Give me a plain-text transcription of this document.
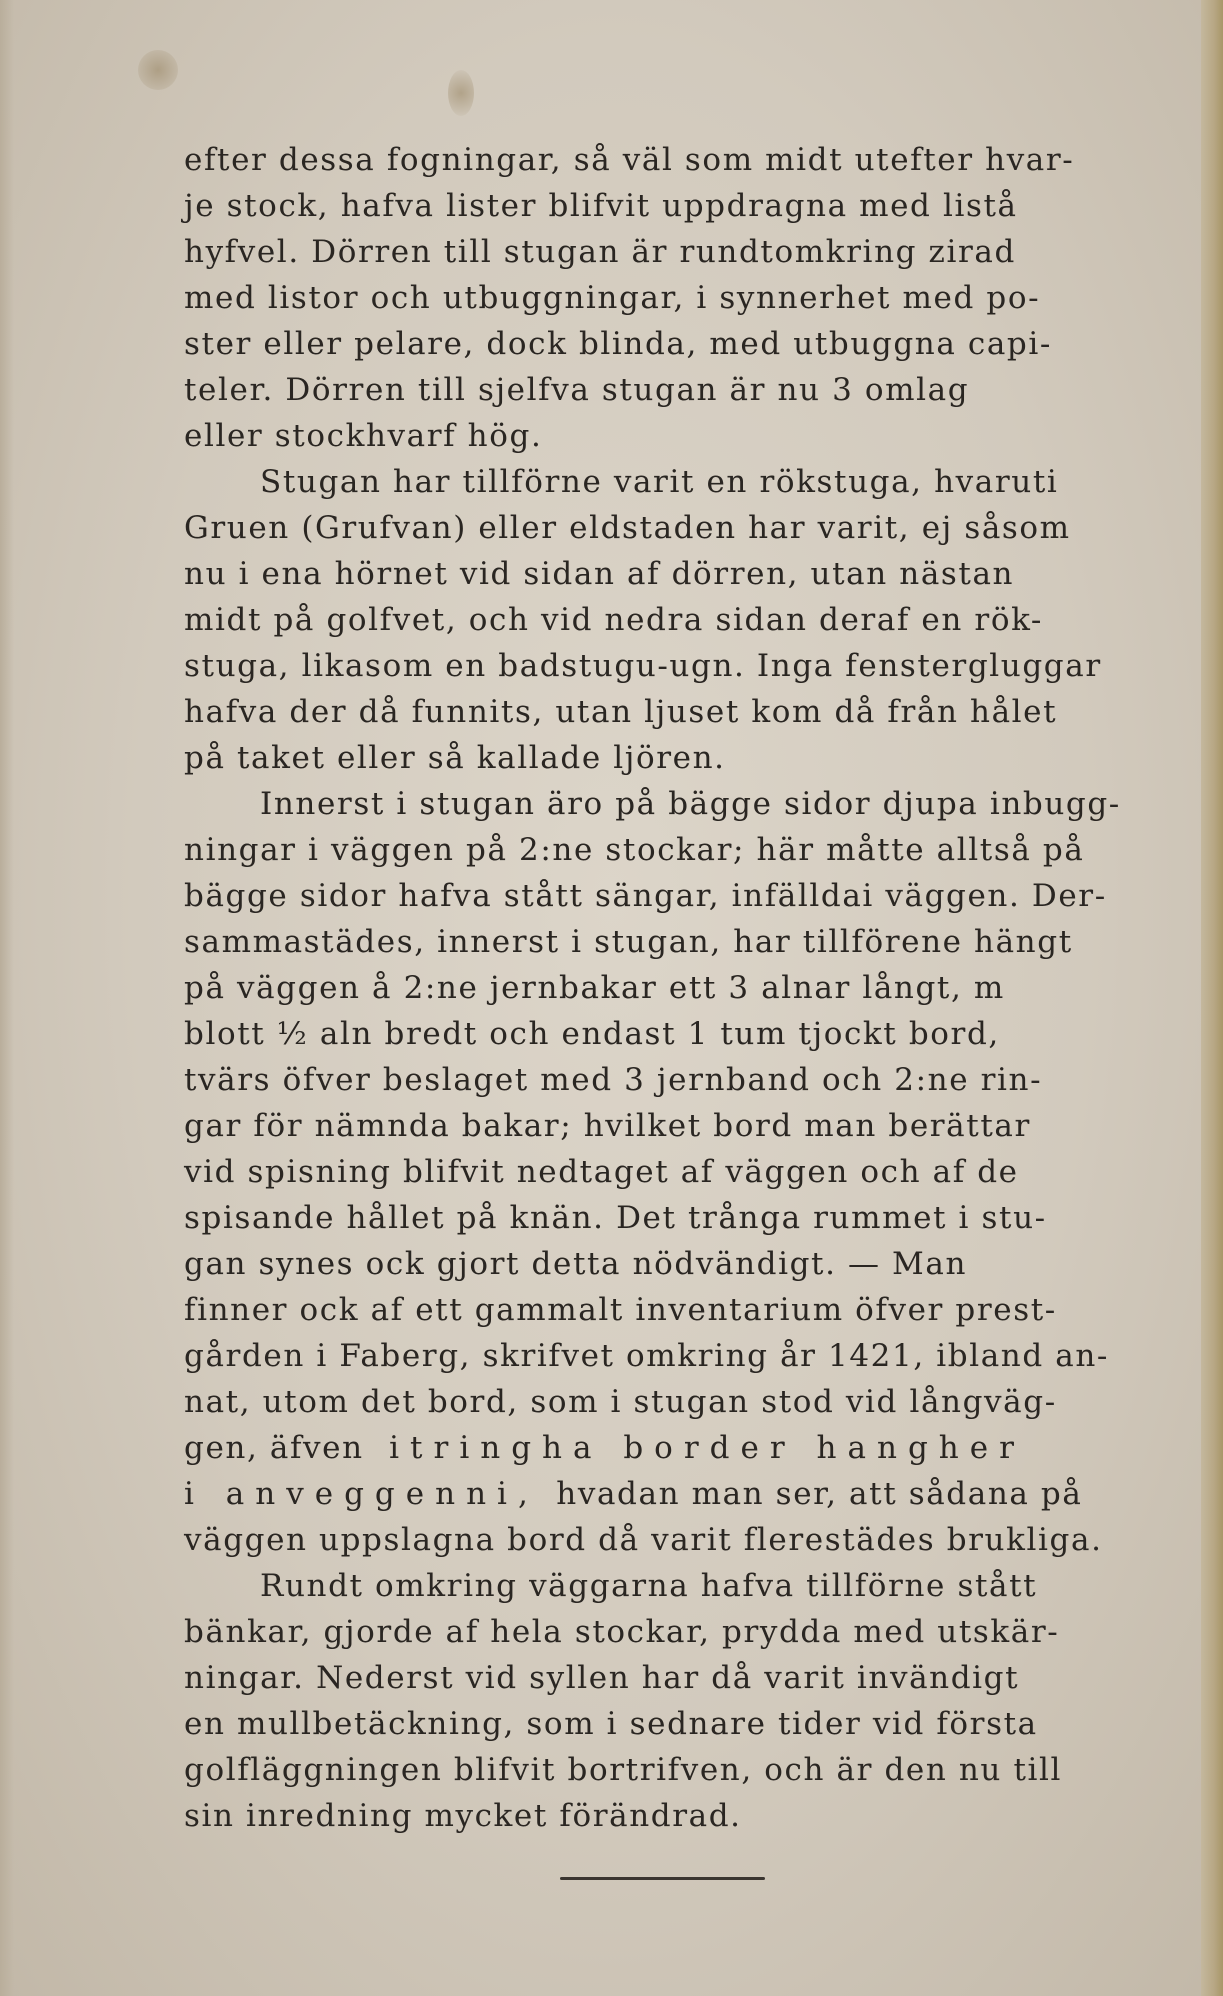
efter dessa fogningar, så väl som midt utefter hvar-
je stock, hafva lister blifvit uppdragna med listå
hyfvel. Dörren till stugan är rundtomkring zirad
med listor och utbuggningar, i synnerhet med po-
ster eller pelare, dock blinda, med utbuggna capi-
teler. Dörren till sjelfva stugan är nu 3 omlag
eller stockhvarf hög.
Stugan har tillförne varit en rökstuga, hvaruti
Gruen (Grufvan) eller eldstaden har varit, ej såsom
nu i ena hörnet vid sidan af dörren, utan nästan
midt på golfvet, och vid nedra sidan deraf en rök-
stuga, likasom en badstugu-ugn. Inga fenstergluggar
hafva der då funnits, utan ljuset kom då från hålet
på taket eller så kallade ljören.
Innerst i stugan äro på bägge sidor djupa inbugg-
ningar i väggen på 2:ne stockar; här måtte alltså på
bägge sidor hafva stått sängar, infälldai väggen. Der-
sammastädes, innerst i stugan, har tillförene hängt
på väggen å 2:ne jernbakar ett 3 alnar långt, m
blott ½ aln bredt och endast 1 tum tjockt bord,
tvärs öfver beslaget med 3 jernband och 2:ne rin-
gar för nämnda bakar; hvilket bord man berättar
vid spisning blifvit nedtaget af väggen och af de
spisande hållet på knän. Det trånga rummet i stu-
gan synes ock gjort detta nödvändigt. — Man
finner ock af ett gammalt inventarium öfver prest-
gården i Faberg, skrifvet omkring år 1421, ibland an-
nat, utom det bord, som i stugan stod vid långväg-
gen, äfven itringha border hangher
i anveggenni, hvadan man ser, att sådana på
väggen uppslagna bord då varit flerestädes brukliga.
Rundt omkring väggarna hafva tillförne stått
bänkar, gjorde af hela stockar, prydda med utskär-
ningar. Nederst vid syllen har då varit invändigt
en mullbetäckning, som i sednare tider vid första
golfläggningen blifvit bortrifven, och är den nu till
sin inredning mycket förändrad.
